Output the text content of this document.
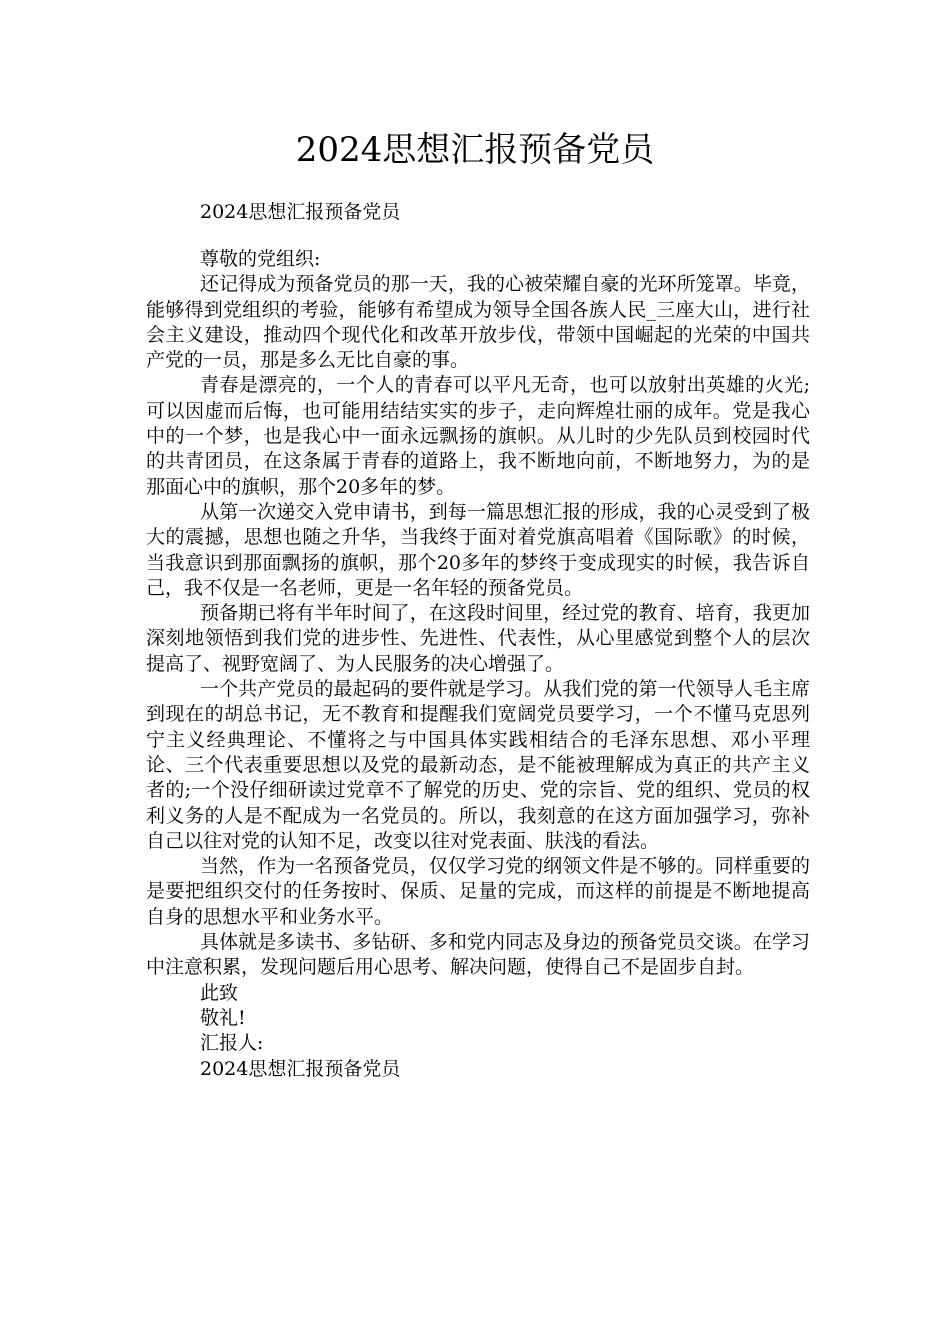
2024思想汇报预备党员
2024思想汇报预备党员

尊敬的党组织:

还记得成为预备党员的那一天，我的心被荣耀自豪的光环所笼罩。毕竟，能够得到党组织的考验，能够有希望成为领导全国各族人民_三座大山，进行社会主义建设，推动四个现代化和改革开放步伐，带领中国崛起的光荣的中国共产党的一员，那是多么无比自豪的事。

青春是漂亮的，一个人的青春可以平凡无奇，也可以放射出英雄的火光;可以因虚而后悔，也可能用结结实实的步子，走向辉煌壮丽的成年。党是我心中的一个梦，也是我心中一面永远飘扬的旗帜。从儿时的少先队员到校园时代的共青团员，在这条属于青春的道路上，我不断地向前，不断地努力，为的是那面心中的旗帜，那个20多年的梦。

从第一次递交入党申请书，到每一篇思想汇报的形成，我的心灵受到了极大的震撼，思想也随之升华，当我终于面对着党旗高唱着《国际歌》的时候，当我意识到那面飘扬的旗帜，那个20多年的梦终于变成现实的时候，我告诉自己，我不仅是一名老师，更是一名年轻的预备党员。

预备期已将有半年时间了，在这段时间里，经过党的教育、培育，我更加深刻地领悟到我们党的进步性、先进性、代表性，从心里感觉到整个人的层次提高了、视野宽阔了、为人民服务的决心增强了。

一个共产党员的最起码的要件就是学习。从我们党的第一代领导人毛主席到现在的胡总书记，无不教育和提醒我们宽阔党员要学习，一个不懂马克思列宁主义经典理论、不懂将之与中国具体实践相结合的毛泽东思想、邓小平理论、三个代表重要思想以及党的最新动态，是不能被理解成为真正的共产主义者的;一个没仔细研读过党章不了解党的历史、党的宗旨、党的组织、党员的权利义务的人是不配成为一名党员的。所以，我刻意的在这方面加强学习，弥补自己以往对党的认知不足，改变以往对党表面、肤浅的看法。

当然，作为一名预备党员，仅仅学习党的纲领文件是不够的。同样重要的是要把组织交付的任务按时、保质、足量的完成，而这样的前提是不断地提高自身的思想水平和业务水平。

具体就是多读书、多钻研、多和党内同志及身边的预备党员交谈。在学习中注意积累，发现问题后用心思考、解决问题，使得自己不是固步自封。

此致

敬礼!

汇报人:

2024思想汇报预备党员
